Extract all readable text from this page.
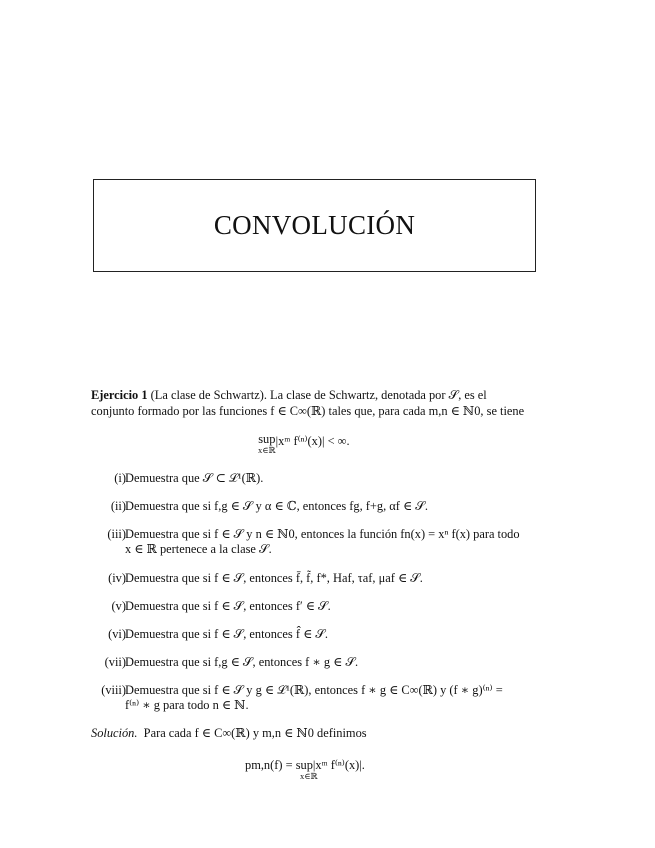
CONVOLUCIÓN
Ejercicio 1 (La clase de Schwartz). La clase de Schwartz, denotada por 𝒮, es el
conjunto formado por las funciones f ∈ C∞(ℝ) tales que, para cada m,n ∈ ℕ0, se tiene
sup
x∈ℝ
|xᵐ f⁽ⁿ⁾(x)| < ∞.
(i) Demuestra que 𝒮 ⊂ ℒ¹(ℝ).
(ii) Demuestra que si f,g ∈ 𝒮 y α ∈ ℂ, entonces fg, f+g, αf ∈ 𝒮.
(iii) Demuestra que si f ∈ 𝒮 y n ∈ ℕ0, entonces la función fn(x) = xⁿ f(x) para todo
x ∈ ℝ pertenece a la clase 𝒮.
(iv) Demuestra que si f ∈ 𝒮, entonces f̄, f̃, f*, Haf, τaf, μaf ∈ 𝒮.
(v) Demuestra que si f ∈ 𝒮, entonces f′ ∈ 𝒮.
(vi) Demuestra que si f ∈ 𝒮, entonces f̂ ∈ 𝒮.
(vii) Demuestra que si f,g ∈ 𝒮, entonces f ∗ g ∈ 𝒮.
(viii) Demuestra que si f ∈ 𝒮 y g ∈ ℒ¹(ℝ), entonces f ∗ g ∈ C∞(ℝ) y (f ∗ g)⁽ⁿ⁾ =
f⁽ⁿ⁾ ∗ g para todo n ∈ ℕ.
Solución. Para cada f ∈ C∞(ℝ) y m,n ∈ ℕ0 definimos
pm,n(f) = sup|xᵐ f⁽ⁿ⁾(x)|.
x∈ℝ
